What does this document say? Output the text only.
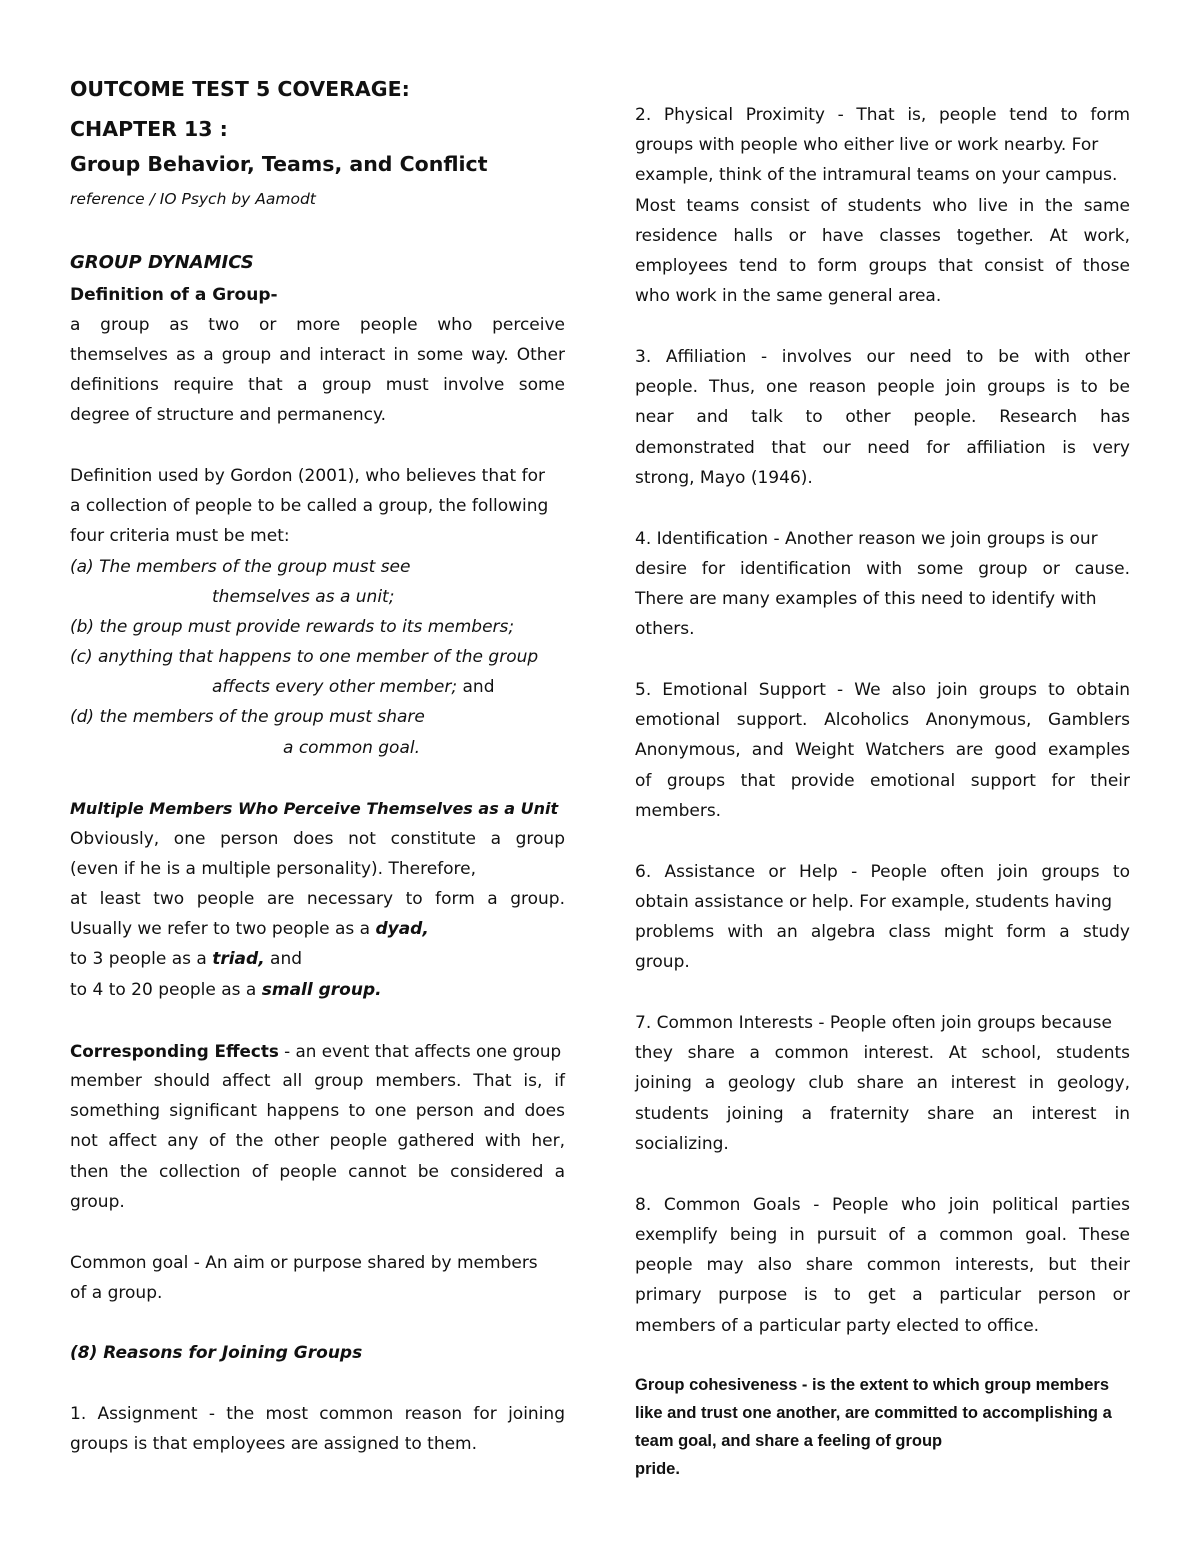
OUTCOME TEST 5 COVERAGE:
CHAPTER 13 :
Group Behavior, Teams, and Conflict
reference / IO Psych by Aamodt
GROUP DYNAMICS
Definition of a Group-
a group as two or more people who perceive
themselves as a group and interact in some way. Other
definitions require that a group must involve some
degree of structure and permanency.
Definition used by Gordon (2001), who believes that for
a collection of people to be called a group, the following
four criteria must be met:
(a) The members of the group must see
themselves as a unit;
(b) the group must provide rewards to its members;
(c) anything that happens to one member of the group
affects every other member; and
(d) the members of the group must share
a common goal.
Multiple Members Who Perceive Themselves as a Unit
Obviously, one person does not constitute a group
(even if he is a multiple personality). Therefore,
at least two people are necessary to form a group.
Usually we refer to two people as a dyad,
to 3 people as a triad, and
to 4 to 20 people as a small group.
Corresponding Effects - an event that affects one group
member should affect all group members. That is, if
something significant happens to one person and does
not affect any of the other people gathered with her,
then the collection of people cannot be considered a
group.
Common goal - An aim or purpose shared by members
of a group.
(8) Reasons for Joining Groups
1. Assignment - the most common reason for joining
groups is that employees are assigned to them.
2. Physical Proximity - That is, people tend to form
groups with people who either live or work nearby. For
example, think of the intramural teams on your campus.
Most teams consist of students who live in the same
residence halls or have classes together. At work,
employees tend to form groups that consist of those
who work in the same general area.
3. Affiliation - involves our need to be with other
people. Thus, one reason people join groups is to be
near and talk to other people. Research has
demonstrated that our need for affiliation is very
strong, Mayo (1946).
4. Identification - Another reason we join groups is our
desire for identification with some group or cause.
There are many examples of this need to identify with
others.
5. Emotional Support - We also join groups to obtain
emotional support. Alcoholics Anonymous, Gamblers
Anonymous, and Weight Watchers are good examples
of groups that provide emotional support for their
members.
6. Assistance or Help - People often join groups to
obtain assistance or help. For example, students having
problems with an algebra class might form a study
group.
7. Common Interests - People often join groups because
they share a common interest. At school, students
joining a geology club share an interest in geology,
students joining a fraternity share an interest in
socializing.
8. Common Goals - People who join political parties
exemplify being in pursuit of a common goal. These
people may also share common interests, but their
primary purpose is to get a particular person or
members of a particular party elected to office.
Group cohesiveness - is the extent to which group members
like and trust one another, are committed to accomplishing a
team goal, and share a feeling of group
pride.
